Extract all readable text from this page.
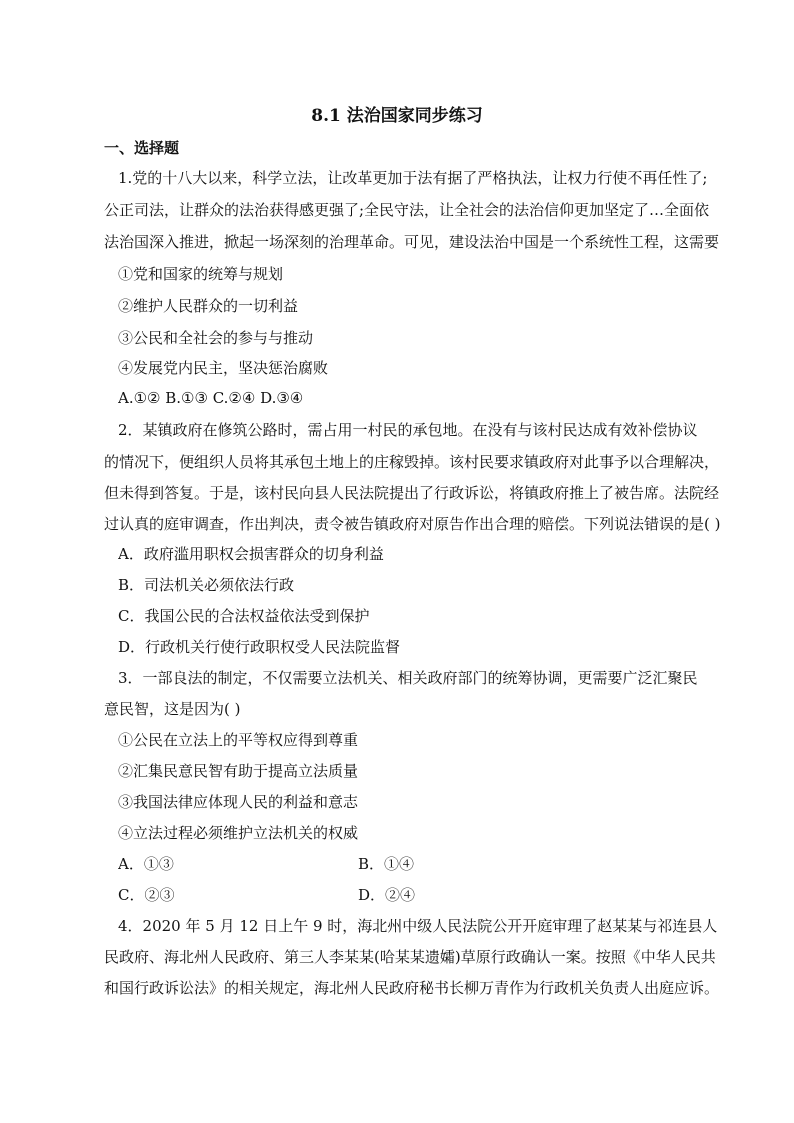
8.1 法治国家同步练习
一、选择题
1.党的十八大以来，科学立法，让改革更加于法有据了严格执法，让权力行使不再任性了;
公正司法，让群众的法治获得感更强了;全民守法，让全社会的法治信仰更加坚定了…全面依
法治国深入推进，掀起一场深刻的治理革命。可见，建设法治中国是一个系统性工程，这需要
①党和国家的统筹与规划
②维护人民群众的一切利益
③公民和全社会的参与与推动
④发展党内民主，坚决惩治腐败
A.①② B.①③ C.②④ D.③④
2．某镇政府在修筑公路时，需占用一村民的承包地。在没有与该村民达成有效补偿协议
的情况下，便组织人员将其承包土地上的庄稼毁掉。该村民要求镇政府对此事予以合理解决，
但未得到答复。于是，该村民向县人民法院提出了行政诉讼，将镇政府推上了被告席。法院经
过认真的庭审调查，作出判决，责令被告镇政府对原告作出合理的赔偿。下列说法错误的是( )
A．政府滥用职权会损害群众的切身利益
B．司法机关必须依法行政
C．我国公民的合法权益依法受到保护
D．行政机关行使行政职权受人民法院监督
3．一部良法的制定，不仅需要立法机关、相关政府部门的统筹协调，更需要广泛汇聚民
意民智，这是因为( )
①公民在立法上的平等权应得到尊重
②汇集民意民智有助于提高立法质量
③我国法律应体现人民的利益和意志
④立法过程必须维护立法机关的权威
A．①③	B．①④
C．②③	D．②④
4．2020 年 5 月 12 日上午 9 时，海北州中级人民法院公开开庭审理了赵某某与祁连县人
民政府、海北州人民政府、第三人李某某(哈某某遗孀)草原行政确认一案。按照《中华人民共
和国行政诉讼法》的相关规定，海北州人民政府秘书长柳万青作为行政机关负责人出庭应诉。
